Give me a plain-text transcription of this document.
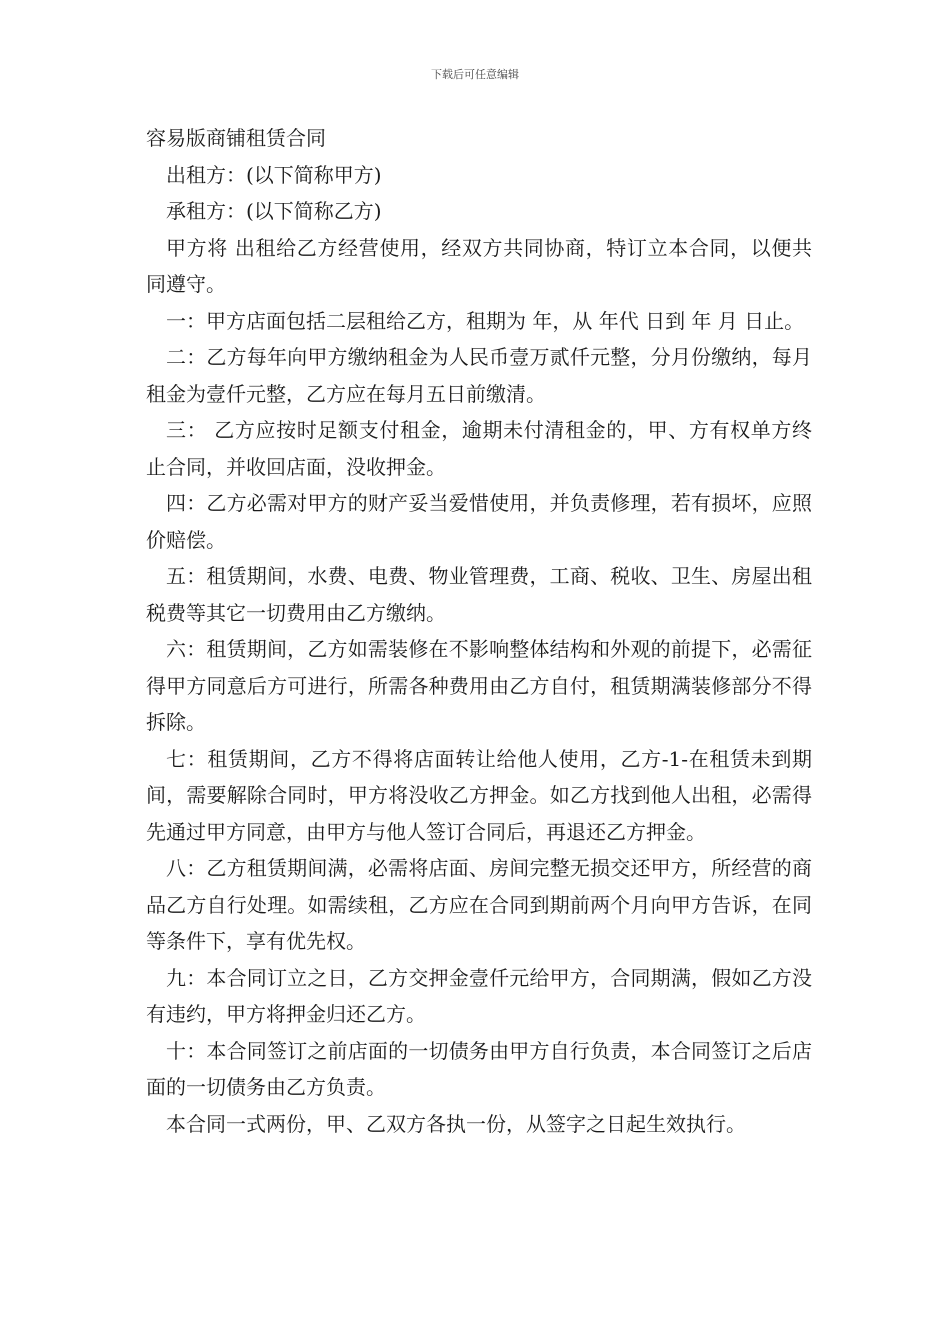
下载后可任意编辑

容易版商铺租赁合同

出租方：(以下简称甲方)

承租方：(以下简称乙方)

甲方将 出租给乙方经营使用，经双方共同协商，特订立本合同，以便共同遵守。

一：甲方店面包括二层租给乙方，租期为 年，从 年代 日到 年 月 日止。

二：乙方每年向甲方缴纳租金为人民币壹万贰仟元整，分月份缴纳，每月租金为壹仟元整，乙方应在每月五日前缴清。

三： 乙方应按时足额支付租金，逾期未付清租金的，甲、方有权单方终止合同，并收回店面，没收押金。

四：乙方必需对甲方的财产妥当爱惜使用，并负责修理，若有损坏，应照价赔偿。

五：租赁期间，水费、电费、物业管理费，工商、税收、卫生、房屋出租税费等其它一切费用由乙方缴纳。

六：租赁期间，乙方如需装修在不影响整体结构和外观的前提下，必需征得甲方同意后方可进行，所需各种费用由乙方自付，租赁期满装修部分不得拆除。

七：租赁期间，乙方不得将店面转让给他人使用，乙方-1-在租赁未到期间，需要解除合同时，甲方将没收乙方押金。如乙方找到他人出租，必需得先通过甲方同意，由甲方与他人签订合同后，再退还乙方押金。

八：乙方租赁期间满，必需将店面、房间完整无损交还甲方，所经营的商品乙方自行处理。如需续租，乙方应在合同到期前两个月向甲方告诉，在同等条件下，享有优先权。

九：本合同订立之日，乙方交押金壹仟元给甲方，合同期满，假如乙方没有违约，甲方将押金归还乙方。

十：本合同签订之前店面的一切债务由甲方自行负责，本合同签订之后店面的一切债务由乙方负责。

本合同一式两份，甲、乙双方各执一份，从签字之日起生效执行。
